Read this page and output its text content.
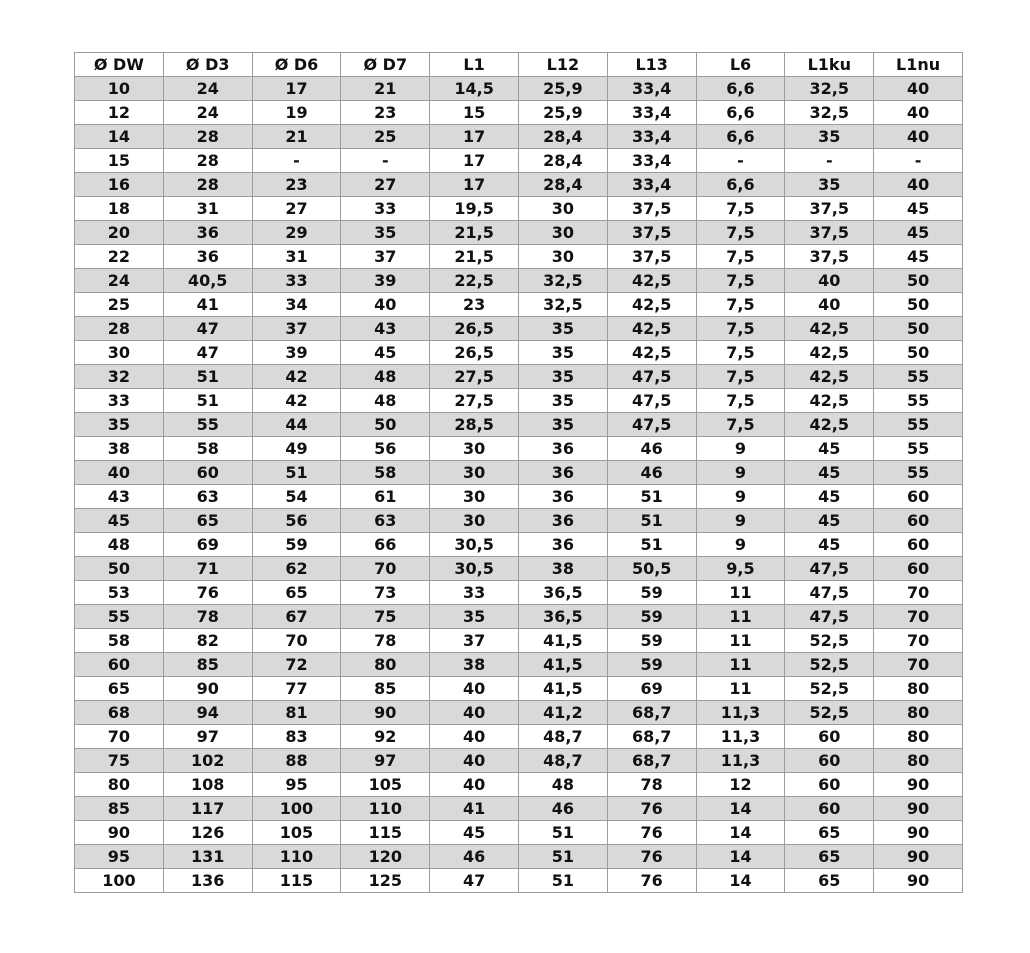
Ø DW	Ø D3	Ø D6	Ø D7	L1	L12	L13	L6	L1ku	L1nu
10	24	17	21	14,5	25,9	33,4	6,6	32,5	40
12	24	19	23	15	25,9	33,4	6,6	32,5	40
14	28	21	25	17	28,4	33,4	6,6	35	40
15	28	-	-	17	28,4	33,4	-	-	-
16	28	23	27	17	28,4	33,4	6,6	35	40
18	31	27	33	19,5	30	37,5	7,5	37,5	45
20	36	29	35	21,5	30	37,5	7,5	37,5	45
22	36	31	37	21,5	30	37,5	7,5	37,5	45
24	40,5	33	39	22,5	32,5	42,5	7,5	40	50
25	41	34	40	23	32,5	42,5	7,5	40	50
28	47	37	43	26,5	35	42,5	7,5	42,5	50
30	47	39	45	26,5	35	42,5	7,5	42,5	50
32	51	42	48	27,5	35	47,5	7,5	42,5	55
33	51	42	48	27,5	35	47,5	7,5	42,5	55
35	55	44	50	28,5	35	47,5	7,5	42,5	55
38	58	49	56	30	36	46	9	45	55
40	60	51	58	30	36	46	9	45	55
43	63	54	61	30	36	51	9	45	60
45	65	56	63	30	36	51	9	45	60
48	69	59	66	30,5	36	51	9	45	60
50	71	62	70	30,5	38	50,5	9,5	47,5	60
53	76	65	73	33	36,5	59	11	47,5	70
55	78	67	75	35	36,5	59	11	47,5	70
58	82	70	78	37	41,5	59	11	52,5	70
60	85	72	80	38	41,5	59	11	52,5	70
65	90	77	85	40	41,5	69	11	52,5	80
68	94	81	90	40	41,2	68,7	11,3	52,5	80
70	97	83	92	40	48,7	68,7	11,3	60	80
75	102	88	97	40	48,7	68,7	11,3	60	80
80	108	95	105	40	48	78	12	60	90
85	117	100	110	41	46	76	14	60	90
90	126	105	115	45	51	76	14	65	90
95	131	110	120	46	51	76	14	65	90
100	136	115	125	47	51	76	14	65	90
